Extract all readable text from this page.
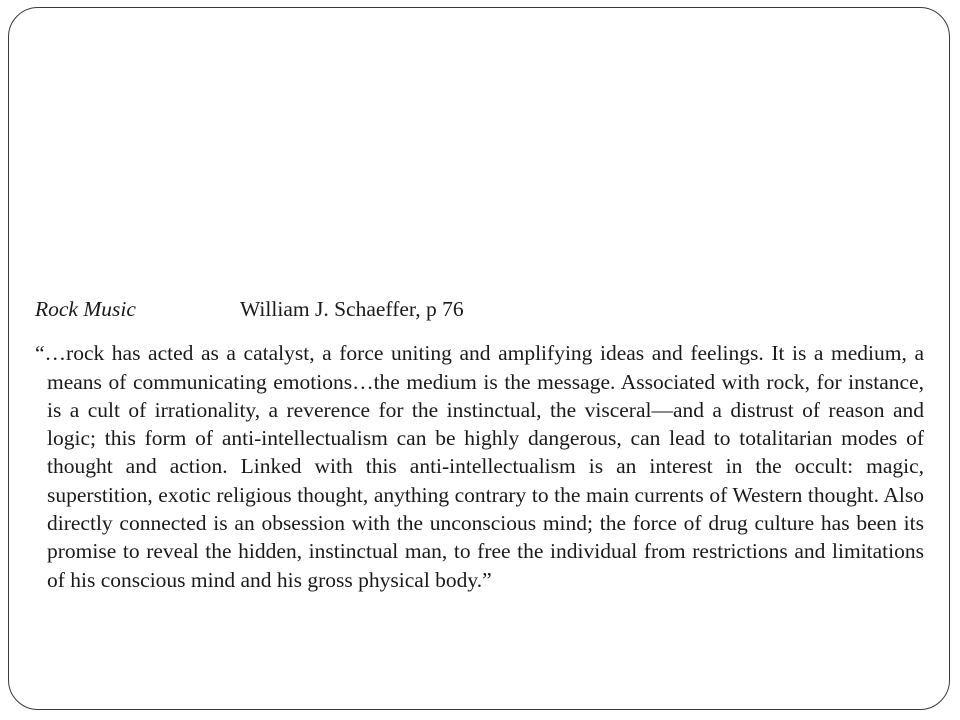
Rock Music	William J. Schaeffer, p 76

“…rock has acted as a catalyst, a force uniting and amplifying ideas and feelings. It is a medium, a means of communicating emotions…the medium is the message. Associated with rock, for instance, is a cult of irrationality, a reverence for the instinctual, the visceral—and a distrust of reason and logic; this form of anti-intellectualism can be highly dangerous, can lead to totalitarian modes of thought and action. Linked with this anti-intellectualism is an interest in the occult: magic, superstition, exotic religious thought, anything contrary to the main currents of Western thought. Also directly connected is an obsession with the unconscious mind; the force of drug culture has been its promise to reveal the hidden, instinctual man, to free the individual from restrictions and limitations of his conscious mind and his gross physical body.”
